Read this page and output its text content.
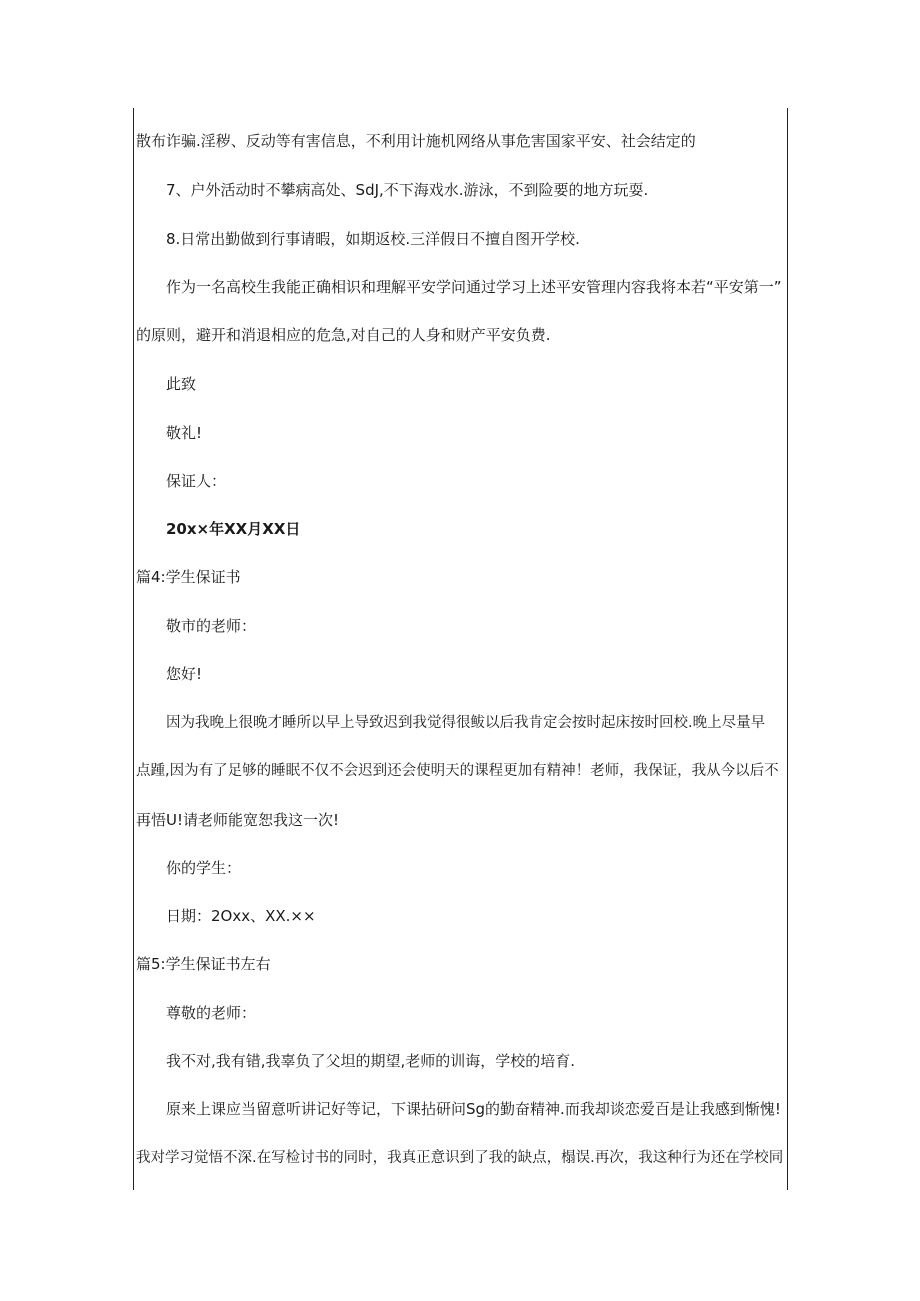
散布诈骗.淫秽、反动等有害信息，不利用计施机网络从事危害国家平安、社会结定的
7、户外活动时不攀病高处、SdJ,不下海戏水.游泳，不到险要的地方玩耍.
8.日常出勤做到行事请暇，如期返校.三洋假日不擅自图开学校.
作为一名高校生我能正确相识和理解平安学问通过学习上述平安管理内容我将本若“平安第一”
的原则，避开和消退相应的危急,对自己的人身和财产平安负费.
此致
敬礼!
保证人：
20x×年XX月XX日
篇4:学生保证书
敬市的老师：
您好!
因为我晚上很晚才睡所以早上导致迟到我觉得很鲅以后我肯定会按时起床按时回校.晚上尽量早
点踵,因为有了足够的睡眠不仅不会迟到还会使明天的课程更加有精神！老师，我保证，我从今以后不
再悟U!请老师能宽恕我这一次!
你的学生：
日期：2Oxx、XX.××
篇5:学生保证书左右
尊敬的老师：
我不对,我有错,我辜负了父坦的期望,老师的训诲，学校的培育.
原来上课应当留意听讲记好等记，下课拈研问Sg的勤奋精神.而我却谈恋爱百是让我感到惭愧!
我对学习觉悟不深.在写检讨书的同时，我真正意识到了我的缺点，榻误.再次，我这种行为还在学校同
